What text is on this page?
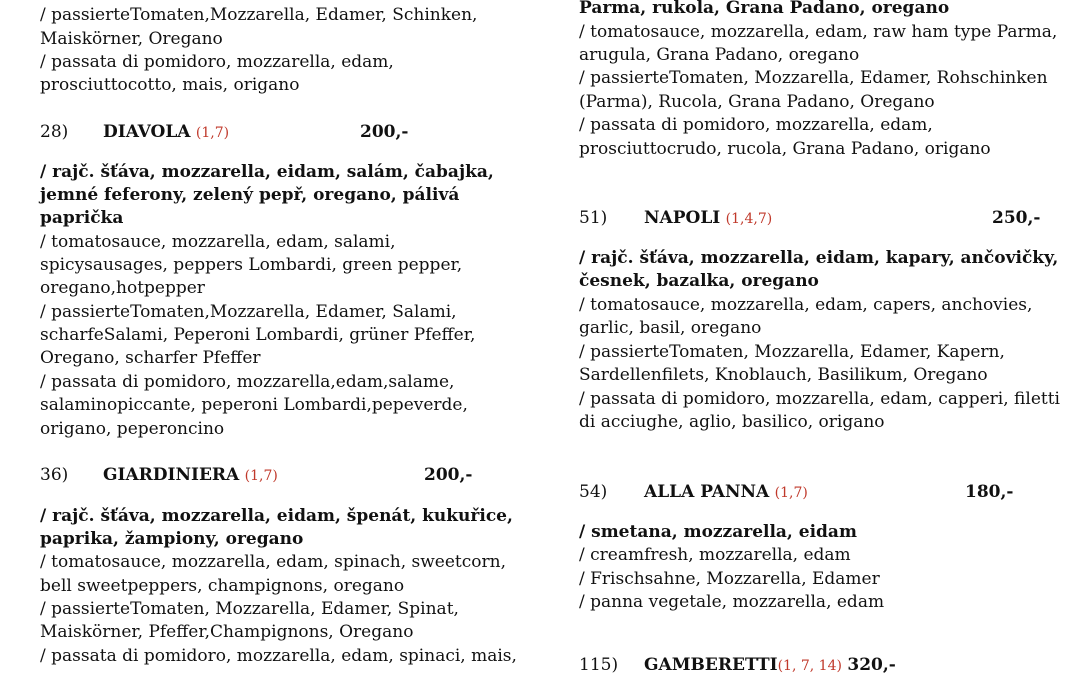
/ passierteTomaten,Mozzarella, Edamer, Schinken,
Maiskörner, Oregano
/ passata di pomidoro, mozzarella, edam,
prosciuttocotto, mais, origano
28) DIAVOLA (1,7)	200,-
/ rajč. šťáva, mozzarella, eidam, salám, čabajka,
jemné feferony, zelený pepř, oregano, pálivá
paprička
/ tomatosauce, mozzarella, edam, salami,
spicysausages, peppers Lombardi, green pepper,
oregano,hotpepper
/ passierteTomaten,Mozzarella, Edamer, Salami,
scharfeSalami, Peperoni Lombardi, grüner Pfeffer,
Oregano, scharfer Pfeffer
/ passata di pomidoro, mozzarella,edam,salame,
salaminopiccante, peperoni Lombardi,pepeverde,
origano, peperoncino
36) GIARDINIERA (1,7)	200,-
/ rajč. šťáva, mozzarella, eidam, špenát, kukuřice,
paprika, žampiony, oregano
/ tomatosauce, mozzarella, edam, spinach, sweetcorn,
bell sweetpeppers, champignons, oregano
/ passierteTomaten, Mozzarella, Edamer, Spinat,
Maiskörner, Pfeffer,Champignons, Oregano
/ passata di pomidoro, mozzarella, edam, spinaci, mais,
Parma, rukola, Grana Padano, oregano
/ tomatosauce, mozzarella, edam, raw ham type Parma,
arugula, Grana Padano, oregano
/ passierteTomaten, Mozzarella, Edamer, Rohschinken
(Parma), Rucola, Grana Padano, Oregano
/ passata di pomidoro, mozzarella, edam,
prosciuttocrudo, rucola, Grana Padano, origano
51) NAPOLI (1,4,7)	250,-
/ rajč. šťáva, mozzarella, eidam, kapary, ančovičky,
česnek, bazalka, oregano
/ tomatosauce, mozzarella, edam, capers, anchovies,
garlic, basil, oregano
/ passierteTomaten, Mozzarella, Edamer, Kapern,
Sardellenfilets, Knoblauch, Basilikum, Oregano
/ passata di pomidoro, mozzarella, edam, capperi, filetti
di acciughe, aglio, basilico, origano
54) ALLA PANNA (1,7)	180,-
/ smetana, mozzarella, eidam
/ creamfresh, mozzarella, edam
/ Frischsahne, Mozzarella, Edamer
/ panna vegetale, mozzarella, edam
115) GAMBERETTI(1, 7, 14) 320,-
